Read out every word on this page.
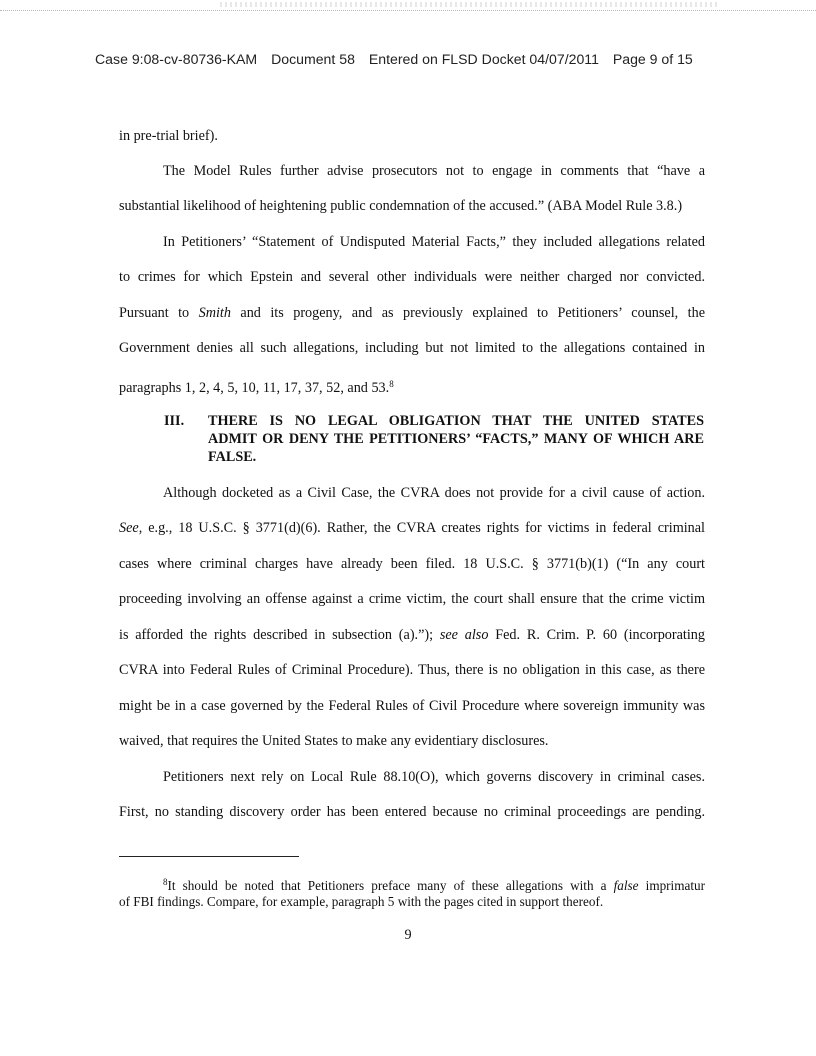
Case 9:08-cv-80736-KAM Document 58 Entered on FLSD Docket 04/07/2011 Page 9 of 15
in pre-trial brief).
The Model Rules further advise prosecutors not to engage in comments that “have a
substantial likelihood of heightening public condemnation of the accused.” (ABA Model Rule 3.8.)
In Petitioners’ “Statement of Undisputed Material Facts,” they included allegations related
to crimes for which Epstein and several other individuals were neither charged nor convicted.
Pursuant to Smith and its progeny, and as previously explained to Petitioners’ counsel, the
Government denies all such allegations, including but not limited to the allegations contained in
paragraphs 1, 2, 4, 5, 10, 11, 17, 37, 52, and 53.$^8$
Although docketed as a Civil Case, the CVRA does not provide for a civil cause of action.
See, e.g., 18 U.S.C. § 3771(d)(6). Rather, the CVRA creates rights for victims in federal criminal
cases where criminal charges have already been filed. 18 U.S.C. § 3771(b)(1) (“In any court
proceeding involving an offense against a crime victim, the court shall ensure that the crime victim
is afforded the rights described in subsection (a).”); see also Fed. R. Crim. P. 60 (incorporating
CVRA into Federal Rules of Criminal Procedure). Thus, there is no obligation in this case, as there
might be in a case governed by the Federal Rules of Civil Procedure where sovereign immunity was
waived, that requires the United States to make any evidentiary disclosures.
Petitioners next rely on Local Rule 88.10(O), which governs discovery in criminal cases.
First, no standing discovery order has been entered because no criminal proceedings are pending.
III. THERE IS NO LEGAL OBLIGATION THAT THE UNITED STATES
ADMIT OR DENY THE PETITIONERS’ “FACTS,” MANY OF WHICH ARE
FALSE.
$^8$It should be noted that Petitioners preface many of these allegations with a false imprimatur
of FBI findings. Compare, for example, paragraph 5 with the pages cited in support thereof.
9
